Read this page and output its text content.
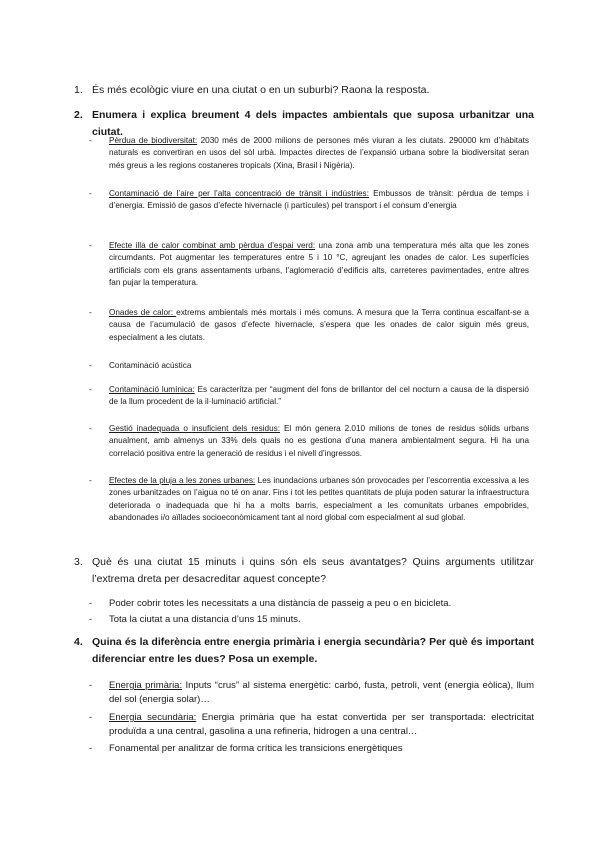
1. És més ecològic viure en una ciutat o en un suburbi? Raona la resposta.
2. Enumera i explica breument 4 dels impactes ambientals que suposa urbanitzar una ciutat.
- Pèrdua de biodiversitat: 2030 més de 2000 milions de persones més viuran a les ciutats. 290000 km d’hàbitats naturals es convertiran en usos del sòl urbà. Impactes directes de l’expansió urbana sobre la biodiversitat seran més greus a les regions costaneres tropicals (Xina, Brasil i Nigèria).
- Contaminació de l’aire per l’alta concentració de trànsit i indústries: Embussos de trànsit: pèrdua de temps i d’energia. Emissió de gasos d’efecte hivernacle (i partícules) pel transport i el consum d’energia
- Efecte illa de calor combinat amb pèrdua d’espai verd: una zona amb una temperatura més alta que les zones circumdants. Pot augmentar les temperatures entre 5 i 10 °C, agreujant les onades de calor. Les superfícies artificials com els grans assentaments urbans, l’aglomeració d’edificis alts, carreteres pavimentades, entre altres fan pujar la temperatura.
- Onades de calor: extrems ambientals més mortals i més comuns. A mesura que la Terra continua escalfant-se a causa de l’acumulació de gasos d’efecte hivernacle, s’espera que les onades de calor siguin més greus, especialment a les ciutats.
- Contaminació acústica
- Contaminació lumínica: Es caracteritza per “augment del fons de brillantor del cel nocturn a causa de la dispersió de la llum procedent de la il·luminació artificial.”
- Gestió inadequada o insuficient dels residus: El món genera 2.010 milions de tones de residus sòlids urbans anualment, amb almenys un 33% dels quals no es gestiona d’una manera ambientalment segura. Hi ha una correlació positiva entre la generació de residus i el nivell d’ingressos.
- Efectes de la pluja a les zones urbanes: Les inundacions urbanes són provocades per l’escorrentia excessiva a les zones urbanitzades on l’aigua no té on anar. Fins i tot les petites quantitats de pluja poden saturar la infraestructura deteriorada o inadequada que hi ha a molts barris, especialment a les comunitats urbanes empobrides, abandonades i/o aïllades socioeconòmicament tant al nord global com especialment al sud global.
3. Què és una ciutat 15 minuts i quins són els seus avantatges? Quins arguments utilitzar l’extrema dreta per desacreditar aquest concepte?
- Poder cobrir totes les necessitats a una distància de passeig a peu o en bicicleta.
- Tota la ciutat a una distancia d’uns 15 minuts.
4. Quina és la diferència entre energia primària i energia secundària? Per què és important diferenciar entre les dues? Posa un exemple.
- Energia primària: Inputs “crus” al sistema energètic: carbó, fusta, petroli, vent (energia eòlica), llum del sol (energia solar)…
- Energia secundària: Energia primària que ha estat convertida per ser transportada: electricitat produïda a una central, gasolina a una refineria, hidrogen a una central…
- Fonamental per analitzar de forma crítica les transicions energètiques
